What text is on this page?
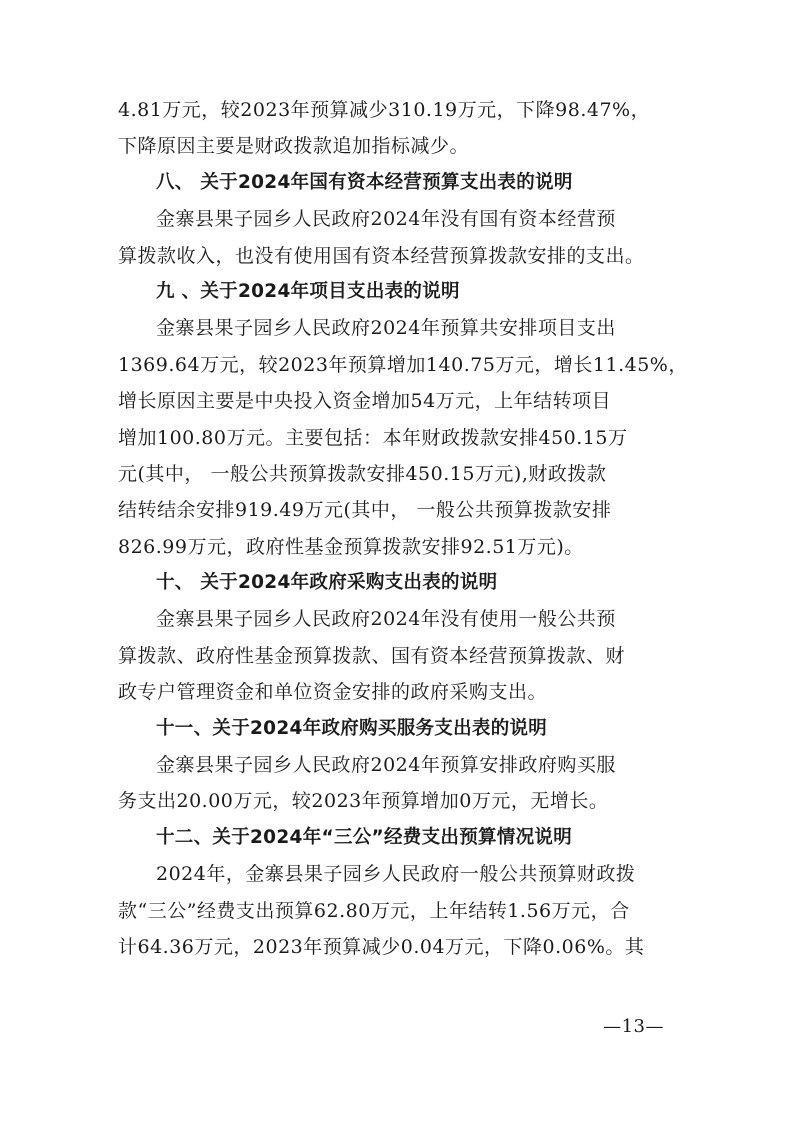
4.81万元，较2023年预算减少310.19万元，下降98.47%，
下降原因主要是财政拨款追加指标减少。
八、 关于2024年国有资本经营预算支出表的说明
金寨县果子园乡人民政府2024年没有国有资本经营预
算拨款收入，也没有使用国有资本经营预算拨款安排的支出。
九 、关于2024年项目支出表的说明
金寨县果子园乡人民政府2024年预算共安排项目支出
1369.64万元，较2023年预算增加140.75万元，增长11.45%，
增长原因主要是中央投入资金增加54万元，上年结转项目
增加100.80万元。主要包括：本年财政拨款安排450.15万
元(其中， 一般公共预算拨款安排450.15万元),财政拨款
结转结余安排919.49万元(其中， 一般公共预算拨款安排
826.99万元，政府性基金预算拨款安排92.51万元)。
十、 关于2024年政府采购支出表的说明
金寨县果子园乡人民政府2024年没有使用一般公共预
算拨款、政府性基金预算拨款、国有资本经营预算拨款、财
政专户管理资金和单位资金安排的政府采购支出。
十一、关于2024年政府购买服务支出表的说明
金寨县果子园乡人民政府2024年预算安排政府购买服
务支出20.00万元，较2023年预算增加0万元，无增长。
十二、关于2024年“三公”经费支出预算情况说明
2024年，金寨县果子园乡人民政府一般公共预算财政拨
款“三公”经费支出预算62.80万元，上年结转1.56万元，合
计64.36万元，2023年预算减少0.04万元，下降0.06%。其
—13—
